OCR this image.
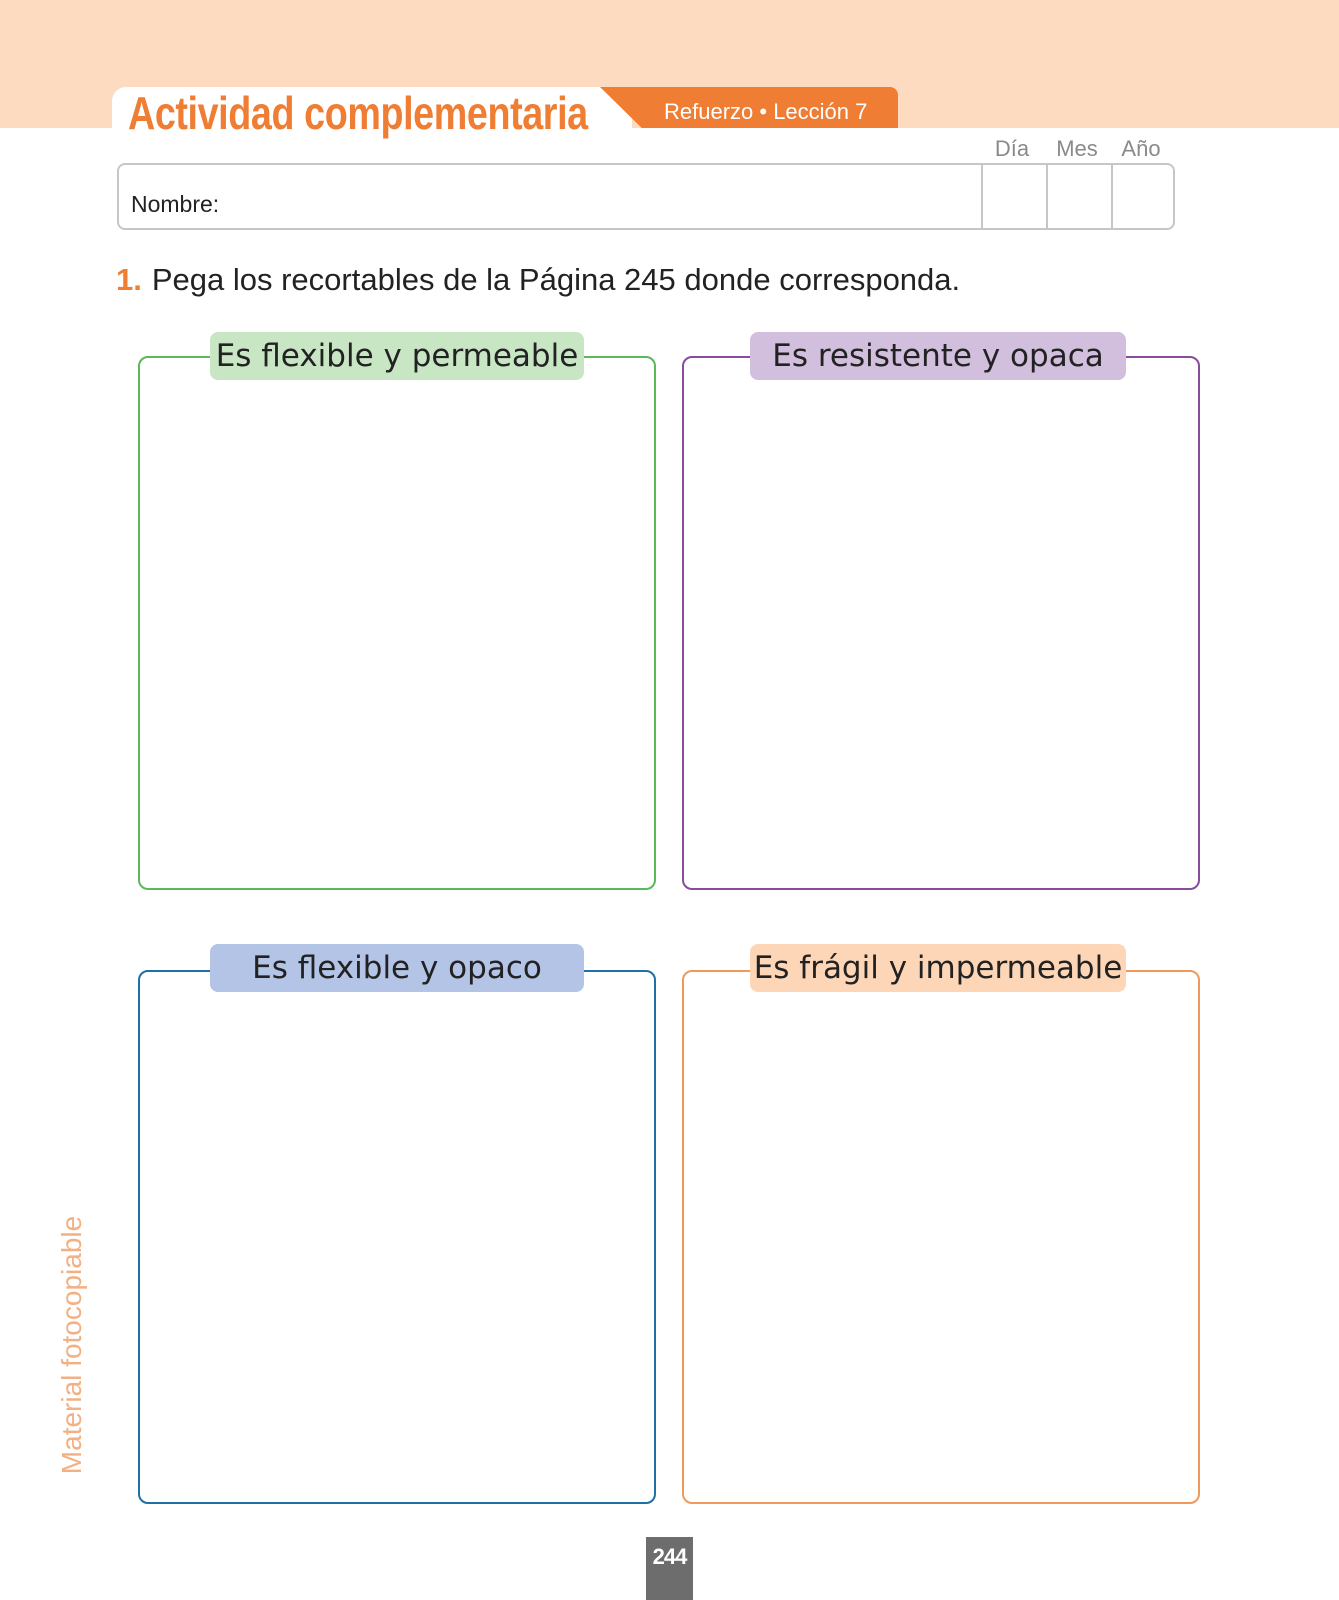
Actividad complementaria	Refuerzo • Lección 7
Día	Mes	Año
Nombre:
1. Pega los recortables de la Página 245 donde corresponda.
Es flexible y permeable	Es resistente y opaca
Es flexible y opaco	Es frágil y impermeable
Material fotocopiable
244
